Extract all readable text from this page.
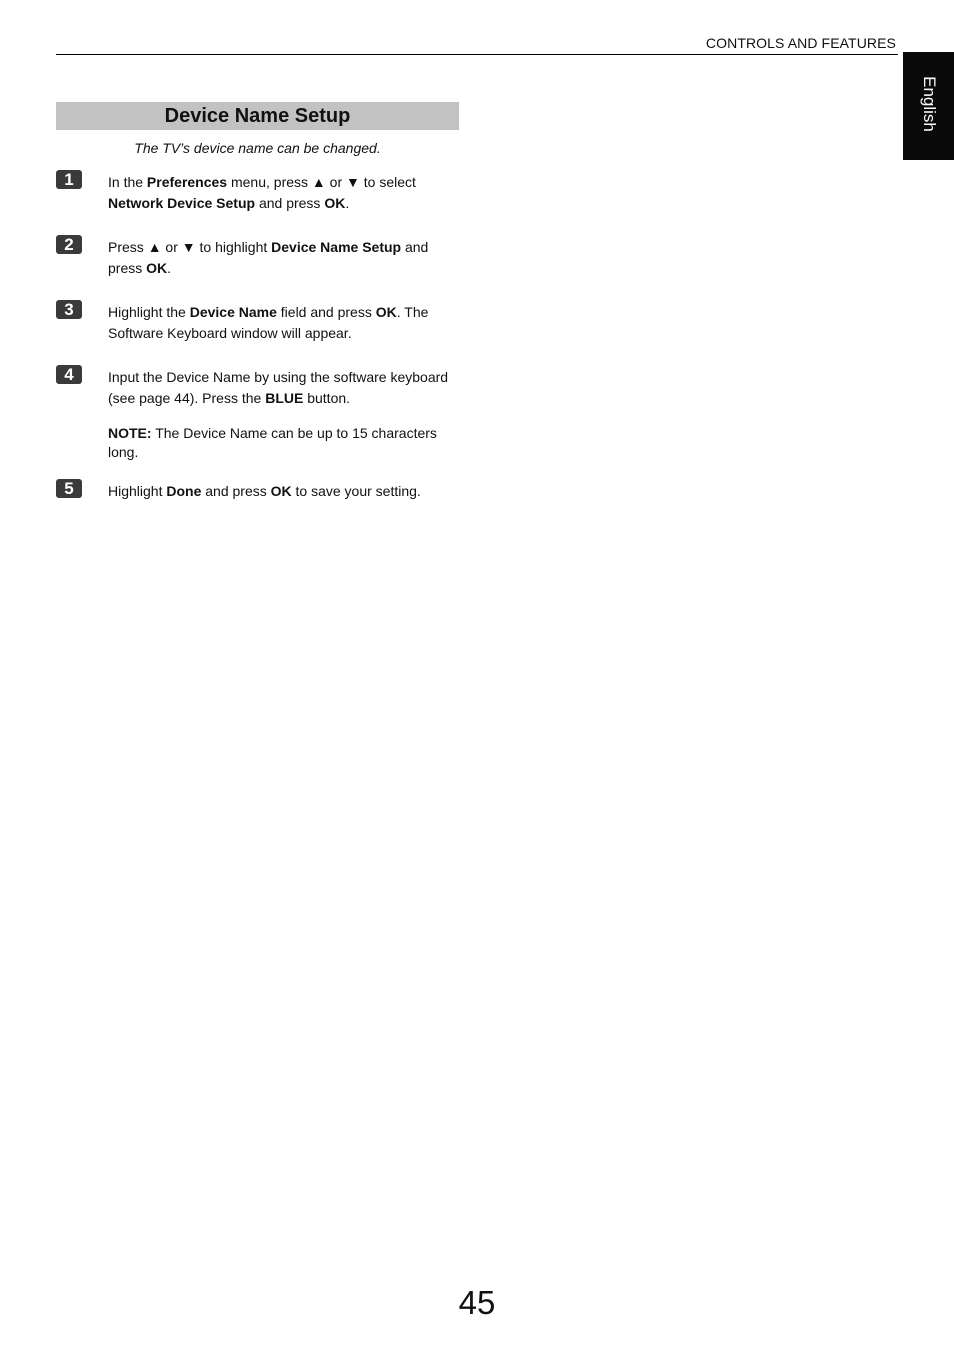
CONTROLS AND FEATURES
English
Device Name Setup
The TV’s device name can be changed.
1	In the Preferences menu, press ▲ or ▼ to select Network Device Setup and press OK.
2	Press ▲ or ▼ to highlight Device Name Setup and press OK.
3	Highlight the Device Name field and press OK. The Software Keyboard window will appear.
4	Input the Device Name by using the software keyboard (see page 44). Press the BLUE button.
NOTE: The Device Name can be up to 15 characters long.
5	Highlight Done and press OK to save your setting.
45
